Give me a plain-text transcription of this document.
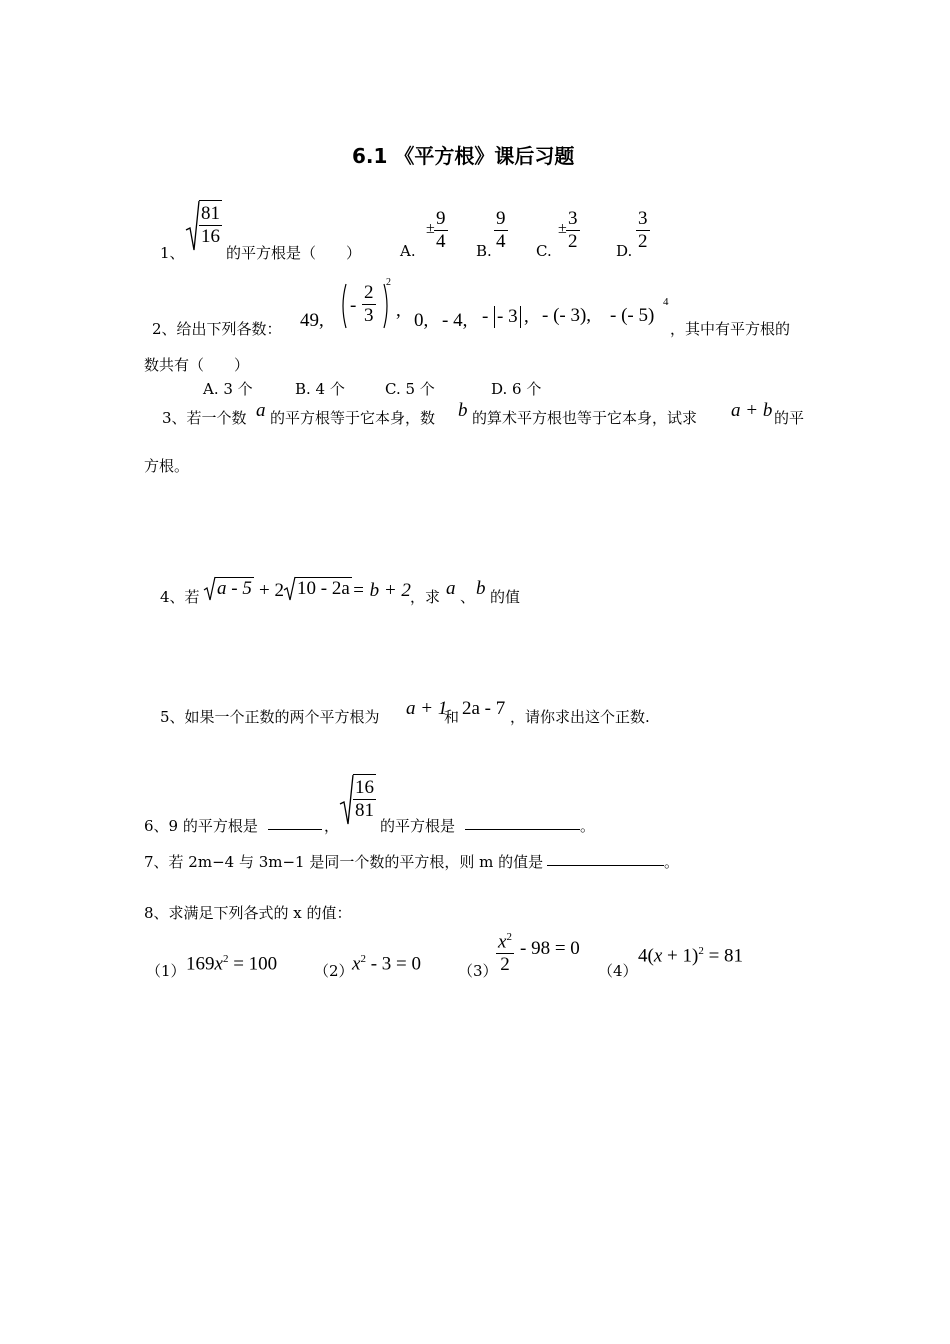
6.1 《平方根》课后习题
1、
$\frac{81}{16}$
的平方根是（　　）	A.
± $\frac{9}{4} B$. $\frac{9}{4} C$.
± $\frac{3}{2} D$. $\frac{3}{2}$
2、给出下列各数： 49,
- $\frac{2}{3} 2$
, 0, - 4, - - 3 , - (- 3), - (- 5)
4
，其中有平方根的
数共有（　　）
A. 3 个	B. 4 个	C. 5 个	D. 6 个
3、若一个数 a 的平方根等于它本身，数 b 的算术平方根也等于它本身，试求 a + b 的平
方根。
4、若 a - 5 + 2 10 - 2a = b + 2 ，求 a 、 b 的值
5、如果一个正数的两个平方根为 a + 1
和 2a - 7 ，请你求出这个正数.
6、9 的平方根是	，
$\frac{16}{81}$
的平方根是	。
7、若 2m−4 与 3m−1 是同一个数的平方根，则 m 的值是	。
8、求满足下列各式的 x 的值：
（1） $169x^2 = 100$ （2）
$x^2 - 3 = 0$ （3）
$\frac{x^2}{2} - 98 = 0$
（4）
$4(x + 1)^2 = 81$
